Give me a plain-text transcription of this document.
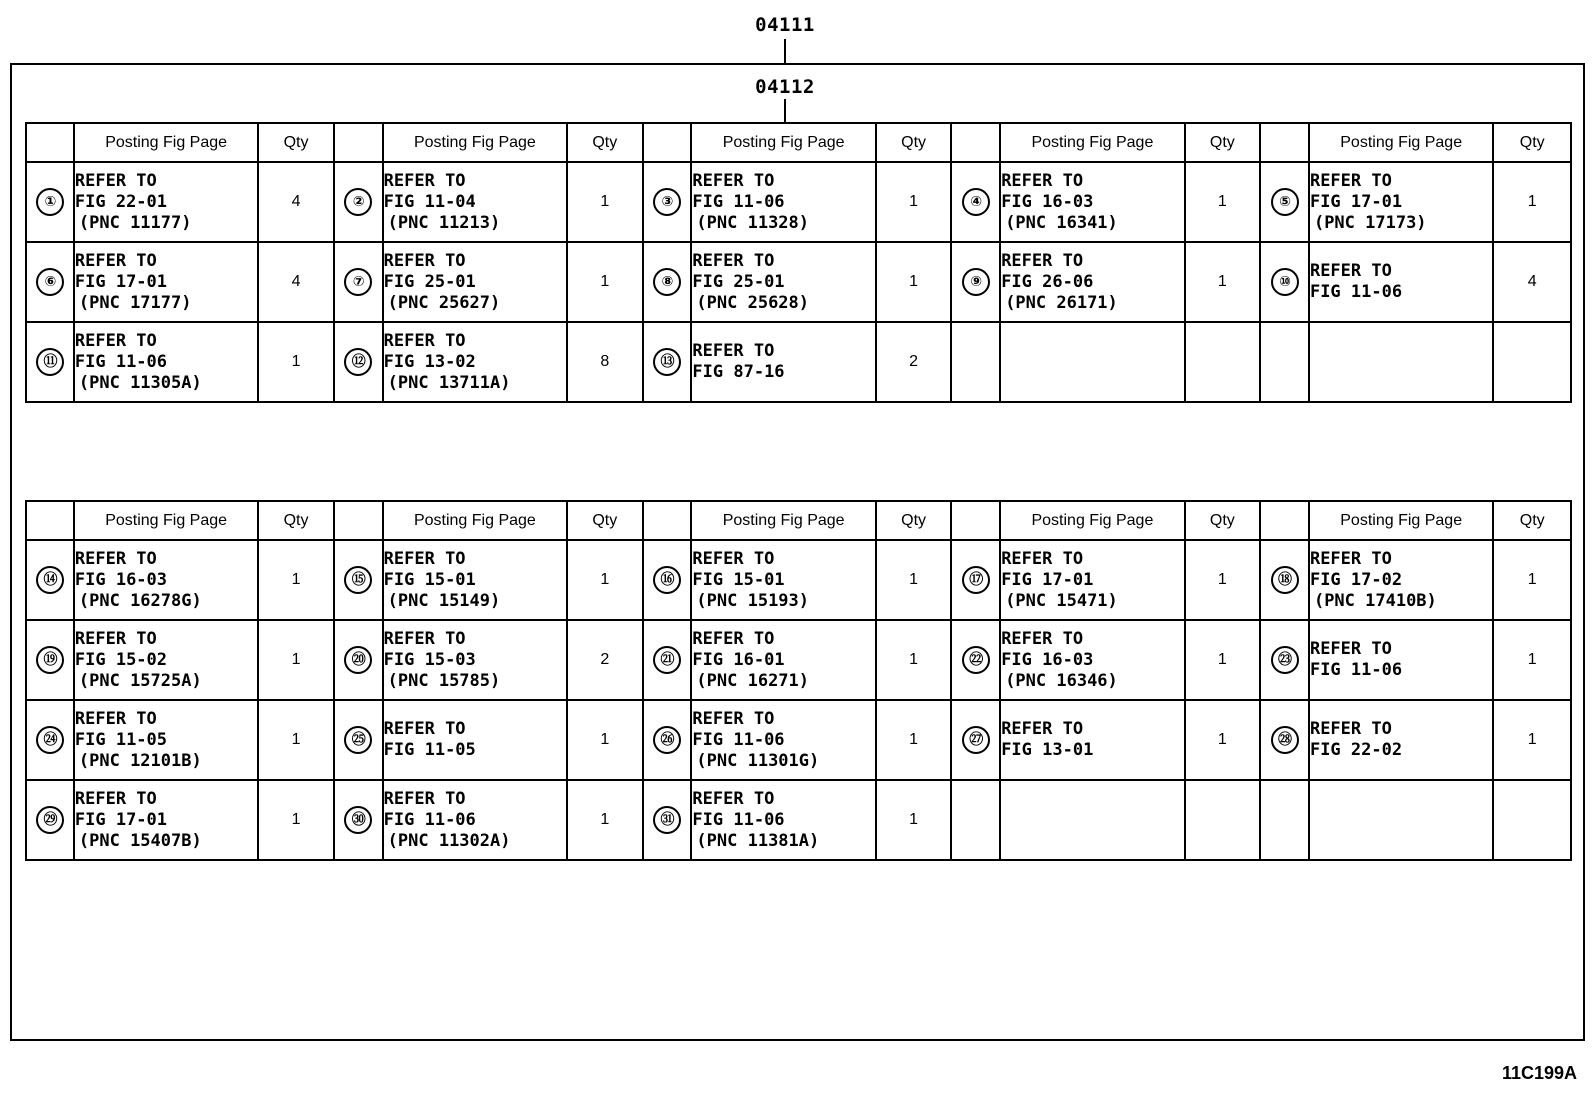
04111
04112
	Posting Fig Page	Qty		Posting Fig Page	Qty		Posting Fig Page	Qty		Posting Fig Page	Qty		Posting Fig Page	Qty
①	REFER TO
FIG 22-01
(PNC 11177)	4	②	REFER TO
FIG 11-04
(PNC 11213)	1	③	REFER TO
FIG 11-06
(PNC 11328)	1	④	REFER TO
FIG 16-03
(PNC 16341)	1	⑤	REFER TO
FIG 17-01
(PNC 17173)	1
⑥	REFER TO
FIG 17-01
(PNC 17177)	4	⑦	REFER TO
FIG 25-01
(PNC 25627)	1	⑧	REFER TO
FIG 25-01
(PNC 25628)	1	⑨	REFER TO
FIG 26-06
(PNC 26171)	1	⑩	REFER TO
FIG 11-06	4
⑪	REFER TO
FIG 11-06
(PNC 11305A)	1	⑫	REFER TO
FIG 13-02
(PNC 13711A)	8	⑬	REFER TO
FIG 87-16	2						
	Posting Fig Page	Qty		Posting Fig Page	Qty		Posting Fig Page	Qty		Posting Fig Page	Qty		Posting Fig Page	Qty
⑭	REFER TO
FIG 16-03
(PNC 16278G)	1	⑮	REFER TO
FIG 15-01
(PNC 15149)	1	⑯	REFER TO
FIG 15-01
(PNC 15193)	1	⑰	REFER TO
FIG 17-01
(PNC 15471)	1	⑱	REFER TO
FIG 17-02
(PNC 17410B)	1
⑲	REFER TO
FIG 15-02
(PNC 15725A)	1	⑳	REFER TO
FIG 15-03
(PNC 15785)	2	㉑	REFER TO
FIG 16-01
(PNC 16271)	1	㉒	REFER TO
FIG 16-03
(PNC 16346)	1	㉓	REFER TO
FIG 11-06	1
㉔	REFER TO
FIG 11-05
(PNC 12101B)	1	㉕	REFER TO
FIG 11-05	1	㉖	REFER TO
FIG 11-06
(PNC 11301G)	1	㉗	REFER TO
FIG 13-01	1	㉘	REFER TO
FIG 22-02	1
㉙	REFER TO
FIG 17-01
(PNC 15407B)	1	㉚	REFER TO
FIG 11-06
(PNC 11302A)	1	㉛	REFER TO
FIG 11-06
(PNC 11381A)	1						
11C199A
